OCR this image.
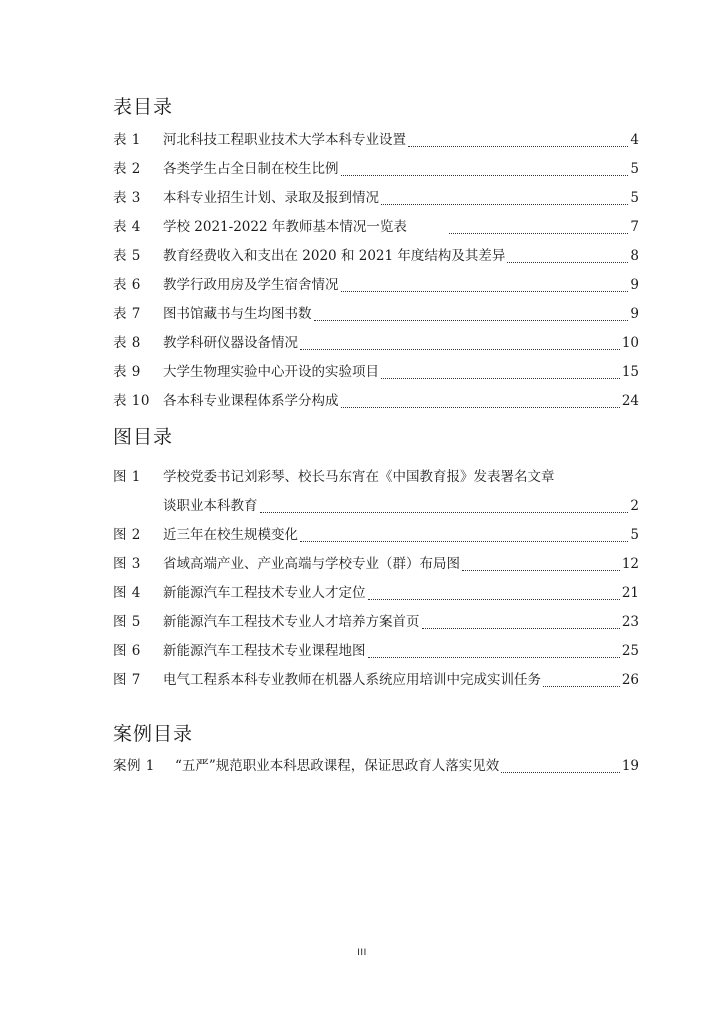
表目录
表 1	河北科技工程职业技术大学本科专业设置	4
表 2	各类学生占全日制在校生比例	5
表 3	本科专业招生计划、录取及报到情况	5
表 4	学校 2021-2022 年教师基本情况一览表	7
表 5	教育经费收入和支出在 2020 和 2021 年度结构及其差异	8
表 6	教学行政用房及学生宿舍情况	9
表 7	图书馆藏书与生均图书数	9
表 8	教学科研仪器设备情况	10
表 9	大学生物理实验中心开设的实验项目	15
表 10 各本科专业课程体系学分构成	24
图目录
图 1	学校党委书记刘彩琴、校长马东宵在《中国教育报》发表署名文章
谈职业本科教育	2
图 2	近三年在校生规模变化	5
图 3	省域高端产业、产业高端与学校专业（群）布局图	12
图 4	新能源汽车工程技术专业人才定位	21
图 5	新能源汽车工程技术专业人才培养方案首页	23
图 6	新能源汽车工程技术专业课程地图	25
图 7	电气工程系本科专业教师在机器人系统应用培训中完成实训任务	26
案例目录
案例 1	“五严”规范职业本科思政课程，保证思政育人落实见效	19
III
